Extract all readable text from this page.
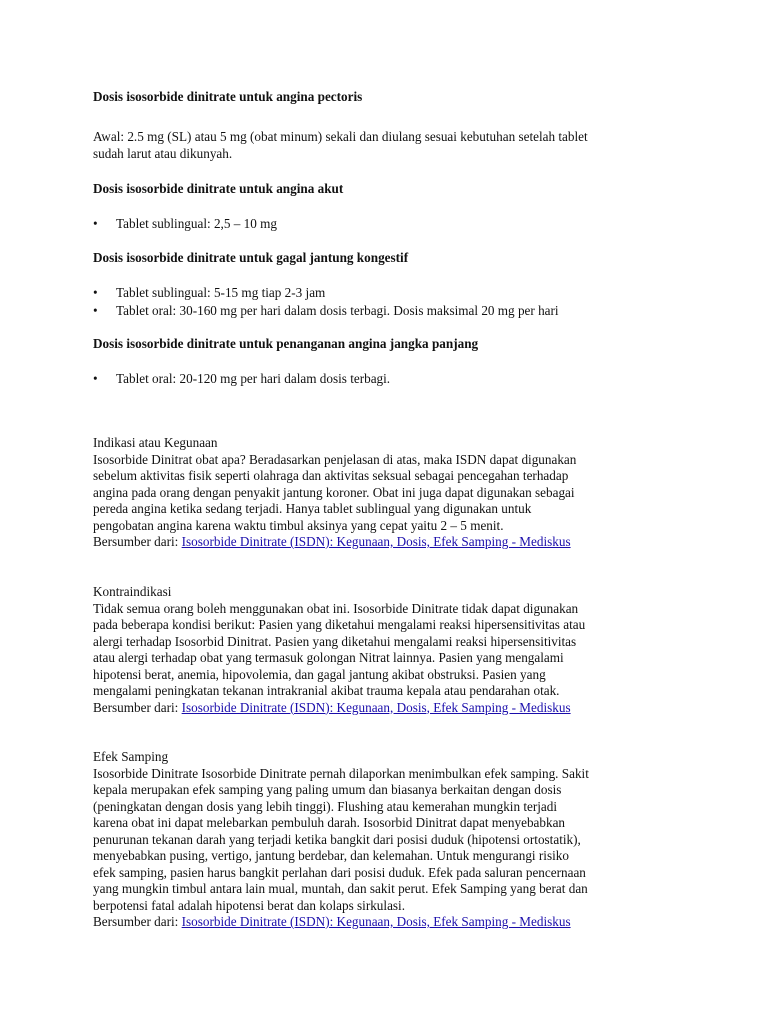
Dosis isosorbide dinitrate untuk angina pectoris
Awal: 2.5 mg (SL) atau 5 mg (obat minum) sekali dan diulang sesuai kebutuhan setelah tablet
sudah larut atau dikunyah.
Dosis isosorbide dinitrate untuk angina akut
• Tablet sublingual: 2,5 – 10 mg
Dosis isosorbide dinitrate untuk gagal jantung kongestif
• Tablet sublingual: 5-15 mg tiap 2-3 jam
• Tablet oral: 30-160 mg per hari dalam dosis terbagi. Dosis maksimal 20 mg per hari
Dosis isosorbide dinitrate untuk penanganan angina jangka panjang
• Tablet oral: 20-120 mg per hari dalam dosis terbagi.
Indikasi atau Kegunaan
Isosorbide Dinitrat obat apa? Beradasarkan penjelasan di atas, maka ISDN dapat digunakan
sebelum aktivitas fisik seperti olahraga dan aktivitas seksual sebagai pencegahan terhadap
angina pada orang dengan penyakit jantung koroner. Obat ini juga dapat digunakan sebagai
pereda angina ketika sedang terjadi. Hanya tablet sublingual yang digunakan untuk
pengobatan angina karena waktu timbul aksinya yang cepat yaitu 2 – 5 menit.
Bersumber dari: Isosorbide Dinitrate (ISDN): Kegunaan, Dosis, Efek Samping - Mediskus
Kontraindikasi
Tidak semua orang boleh menggunakan obat ini. Isosorbide Dinitrate tidak dapat digunakan
pada beberapa kondisi berikut: Pasien yang diketahui mengalami reaksi hipersensitivitas atau
alergi terhadap Isosorbid Dinitrat. Pasien yang diketahui mengalami reaksi hipersensitivitas
atau alergi terhadap obat yang termasuk golongan Nitrat lainnya. Pasien yang mengalami
hipotensi berat, anemia, hipovolemia, dan gagal jantung akibat obstruksi. Pasien yang
mengalami peningkatan tekanan intrakranial akibat trauma kepala atau pendarahan otak.
Bersumber dari: Isosorbide Dinitrate (ISDN): Kegunaan, Dosis, Efek Samping - Mediskus
Efek Samping
Isosorbide Dinitrate Isosorbide Dinitrate pernah dilaporkan menimbulkan efek samping. Sakit
kepala merupakan efek samping yang paling umum dan biasanya berkaitan dengan dosis
(peningkatan dengan dosis yang lebih tinggi). Flushing atau kemerahan mungkin terjadi
karena obat ini dapat melebarkan pembuluh darah. Isosorbid Dinitrat dapat menyebabkan
penurunan tekanan darah yang terjadi ketika bangkit dari posisi duduk (hipotensi ortostatik),
menyebabkan pusing, vertigo, jantung berdebar, dan kelemahan. Untuk mengurangi risiko
efek samping, pasien harus bangkit perlahan dari posisi duduk. Efek pada saluran pencernaan
yang mungkin timbul antara lain mual, muntah, dan sakit perut. Efek Samping yang berat dan
berpotensi fatal adalah hipotensi berat dan kolaps sirkulasi.
Bersumber dari: Isosorbide Dinitrate (ISDN): Kegunaan, Dosis, Efek Samping - Mediskus
